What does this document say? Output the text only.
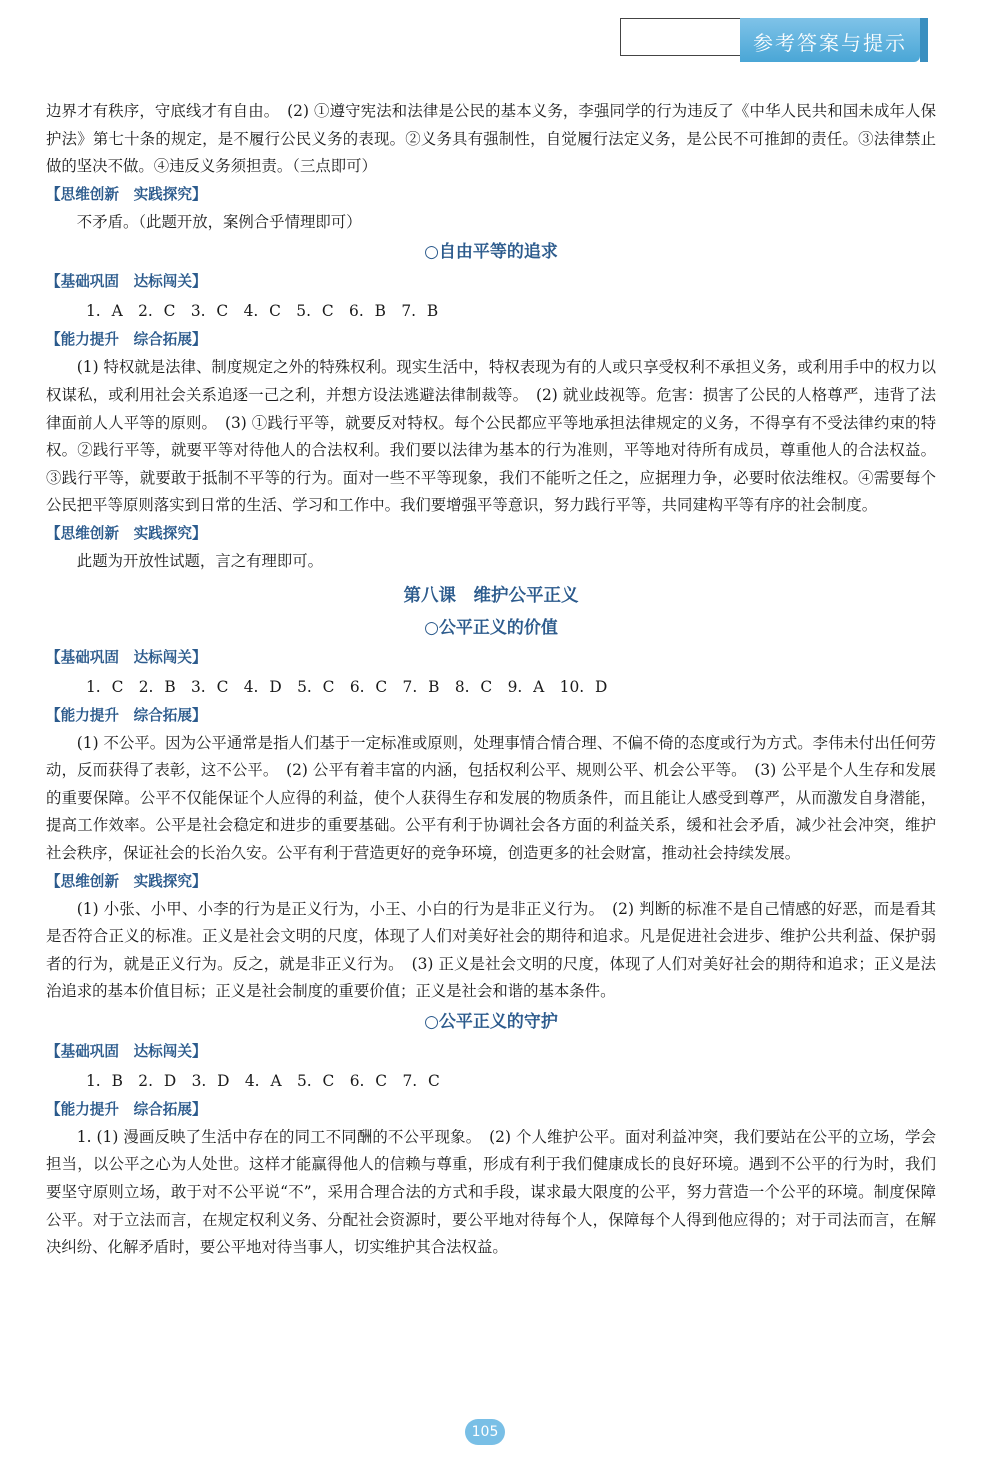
参考答案与提示

边界才有秩序，守底线才有自由。　(2) ①遵守宪法和法律是公民的基本义务，李强同学的行为违反了《中华人民共和国未成年人保护法》第七十条的规定，是不履行公民义务的表现。②义务具有强制性，自觉履行法定义务，是公民不可推卸的责任。③法律禁止做的坚决不做。④违反义务须担责。（三点即可）

【思维创新　实践探究】

不矛盾。（此题开放，案例合乎情理即可）

○自由平等的追求

【基础巩固　达标闯关】

1. A　2. C　3. C　4. C　5. C　6. B　7. B

【能力提升　综合拓展】

(1) 特权就是法律、制度规定之外的特殊权利。现实生活中，特权表现为有的人或只享受权利不承担义务，或利用手中的权力以权谋私，或利用社会关系追逐一己之利，并想方设法逃避法律制裁等。　(2) 就业歧视等。危害：损害了公民的人格尊严，违背了法律面前人人平等的原则。　(3) ①践行平等，就要反对特权。每个公民都应平等地承担法律规定的义务，不得享有不受法律约束的特权。②践行平等，就要平等对待他人的合法权利。我们要以法律为基本的行为准则，平等地对待所有成员，尊重他人的合法权益。③践行平等，就要敢于抵制不平等的行为。面对一些不平等现象，我们不能听之任之，应据理力争，必要时依法维权。④需要每个公民把平等原则落实到日常的生活、学习和工作中。我们要增强平等意识，努力践行平等，共同建构平等有序的社会制度。

【思维创新　实践探究】

此题为开放性试题，言之有理即可。

第八课　维护公平正义

○公平正义的价值

【基础巩固　达标闯关】

1. C　2. B　3. C　4. D　5. C　6. C　7. B　8. C　9. A　10. D

【能力提升　综合拓展】

(1) 不公平。因为公平通常是指人们基于一定标准或原则，处理事情合情合理、不偏不倚的态度或行为方式。李伟未付出任何劳动，反而获得了表彰，这不公平。　(2) 公平有着丰富的内涵，包括权利公平、规则公平、机会公平等。　(3) 公平是个人生存和发展的重要保障。公平不仅能保证个人应得的利益，使个人获得生存和发展的物质条件，而且能让人感受到尊严，从而激发自身潜能，提高工作效率。公平是社会稳定和进步的重要基础。公平有利于协调社会各方面的利益关系，缓和社会矛盾，减少社会冲突，维护社会秩序，保证社会的长治久安。公平有利于营造更好的竞争环境，创造更多的社会财富，推动社会持续发展。

【思维创新　实践探究】

(1) 小张、小甲、小李的行为是正义行为，小王、小白的行为是非正义行为。　(2) 判断的标准不是自己情感的好恶，而是看其是否符合正义的标准。正义是社会文明的尺度，体现了人们对美好社会的期待和追求。凡是促进社会进步、维护公共利益、保护弱者的行为，就是正义行为。反之，就是非正义行为。　(3) 正义是社会文明的尺度，体现了人们对美好社会的期待和追求；正义是法治追求的基本价值目标；正义是社会制度的重要价值；正义是社会和谐的基本条件。

○公平正义的守护

【基础巩固　达标闯关】

1. B　2. D　3. D　4. A　5. C　6. C　7. C

【能力提升　综合拓展】

1. (1) 漫画反映了生活中存在的同工不同酬的不公平现象。　(2) 个人维护公平。面对利益冲突，我们要站在公平的立场，学会担当，以公平之心为人处世。这样才能赢得他人的信赖与尊重，形成有利于我们健康成长的良好环境。遇到不公平的行为时，我们要坚守原则立场，敢于对不公平说“不”，采用合理合法的方式和手段，谋求最大限度的公平，努力营造一个公平的环境。制度保障公平。对于立法而言，在规定权利义务、分配社会资源时，要公平地对待每个人，保障每个人得到他应得的；对于司法而言，在解决纠纷、化解矛盾时，要公平地对待当事人，切实维护其合法权益。

105
